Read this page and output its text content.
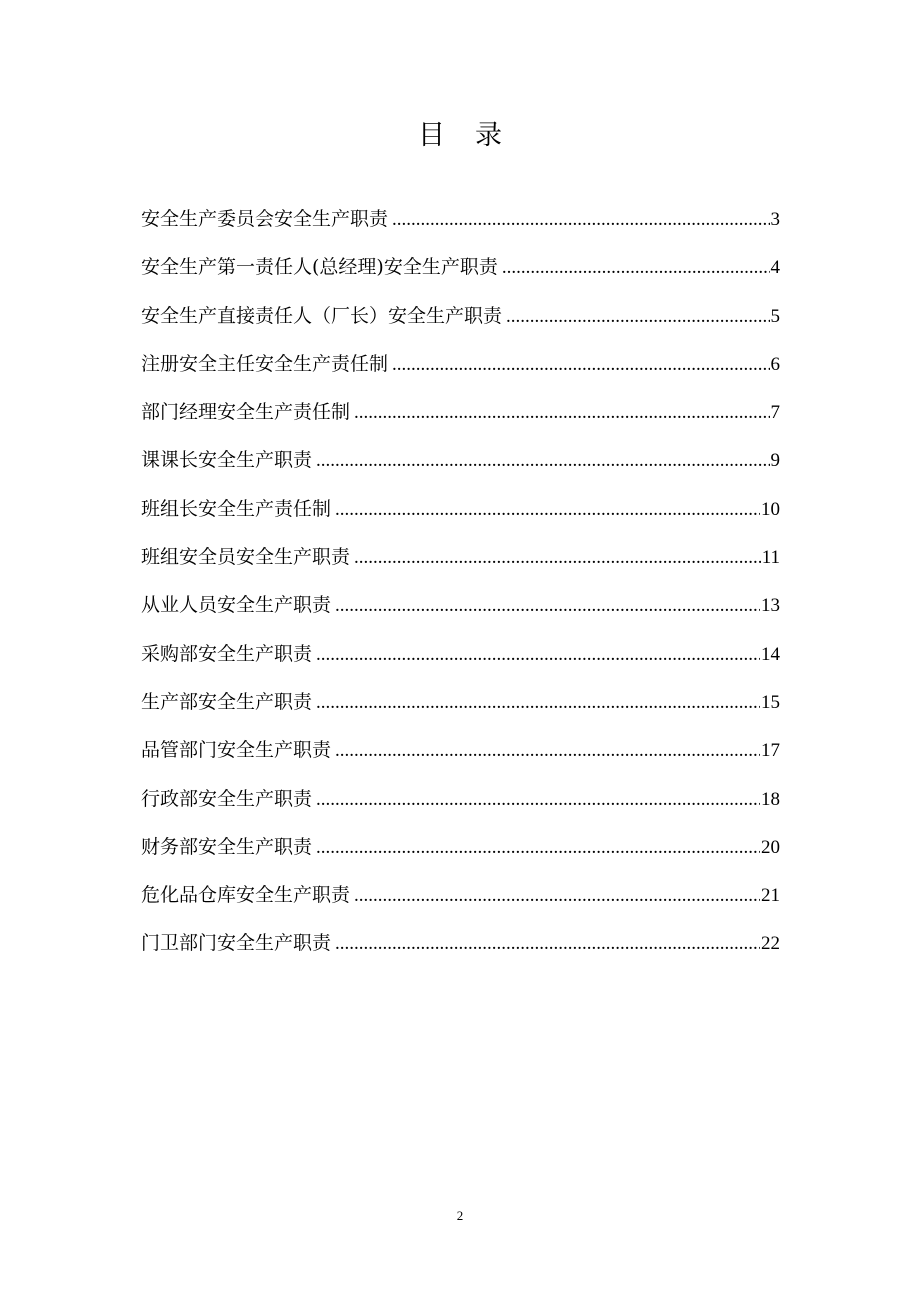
目 录
安全生产委员会安全生产职责 .....	3
安全生产第一责任人(总经理)安全生产职责 .....	4
安全生产直接责任人（厂长）安全生产职责 .....	5
注册安全主任安全生产责任制 .....	6
部门经理安全生产责任制 .....	7
课课长安全生产职责 .....	9
班组长安全生产责任制 .....	10
班组安全员安全生产职责 .....	11
从业人员安全生产职责 .....	13
采购部安全生产职责 .....	14
生产部安全生产职责 .....	15
品管部门安全生产职责 .....	17
行政部安全生产职责 .....	18
财务部安全生产职责 .....	20
危化品仓库安全生产职责 .....	21
门卫部门安全生产职责 .....	22
2
